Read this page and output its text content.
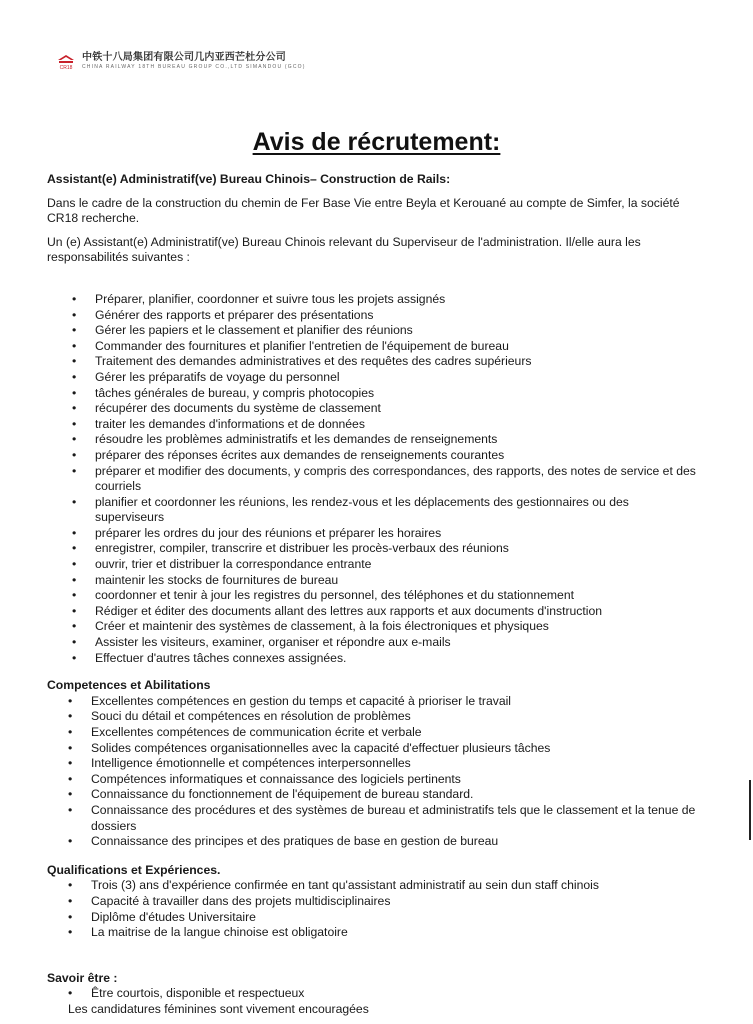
CR18
中铁十八局集团有限公司几内亚西芒杜分公司
CHINA RAILWAY 18TH BUREAU GROUP CO.,LTD SIMANDOU (GCO)
Avis de récrutement:
Assistant(e) Administratif(ve) Bureau Chinois– Construction de Rails:

Dans le cadre de la construction du chemin de Fer Base Vie entre Beyla et Kerouané au compte de Simfer, la société CR18 recherche.

Un (e) Assistant(e) Administratif(ve) Bureau Chinois relevant du Superviseur de l'administration. Il/elle aura les responsabilités suivantes :

• Préparer, planifier, coordonner et suivre tous les projets assignés
• Générer des rapports et préparer des présentations
• Gérer les papiers et le classement et planifier des réunions
• Commander des fournitures et planifier l'entretien de l'équipement de bureau
• Traitement des demandes administratives et des requêtes des cadres supérieurs
• Gérer les préparatifs de voyage du personnel
• tâches générales de bureau, y compris photocopies
• récupérer des documents du système de classement
• traiter les demandes d'informations et de données
• résoudre les problèmes administratifs et les demandes de renseignements
• préparer des réponses écrites aux demandes de renseignements courantes
• préparer et modifier des documents, y compris des correspondances, des rapports, des notes de service et des courriels
• planifier et coordonner les réunions, les rendez-vous et les déplacements des gestionnaires ou des superviseurs
• préparer les ordres du jour des réunions et préparer les horaires
• enregistrer, compiler, transcrire et distribuer les procès-verbaux des réunions
• ouvrir, trier et distribuer la correspondance entrante
• maintenir les stocks de fournitures de bureau
• coordonner et tenir à jour les registres du personnel, des téléphones et du stationnement
• Rédiger et éditer des documents allant des lettres aux rapports et aux documents d'instruction
• Créer et maintenir des systèmes de classement, à la fois électroniques et physiques
• Assister les visiteurs, examiner, organiser et répondre aux e-mails
• Effectuer d'autres tâches connexes assignées.
Competences et Abilitations
• Excellentes compétences en gestion du temps et capacité à prioriser le travail
• Souci du détail et compétences en résolution de problèmes
• Excellentes compétences de communication écrite et verbale
• Solides compétences organisationnelles avec la capacité d'effectuer plusieurs tâches
• Intelligence émotionnelle et compétences interpersonnelles
• Compétences informatiques et connaissance des logiciels pertinents
• Connaissance du fonctionnement de l'équipement de bureau standard.
• Connaissance des procédures et des systèmes de bureau et administratifs tels que le classement et la tenue de dossiers
• Connaissance des principes et des pratiques de base en gestion de bureau
Qualifications et Expériences.
• Trois (3) ans d'expérience confirmée en tant qu'assistant administratif au sein dun staff chinois
• Capacité à travailler dans des projets multidisciplinaires
• Diplôme d'études Universitaire
• La maitrise de la langue chinoise est obligatoire
Savoir être :
• Être courtois, disponible et respectueux

Les candidatures féminines sont vivement encouragées
